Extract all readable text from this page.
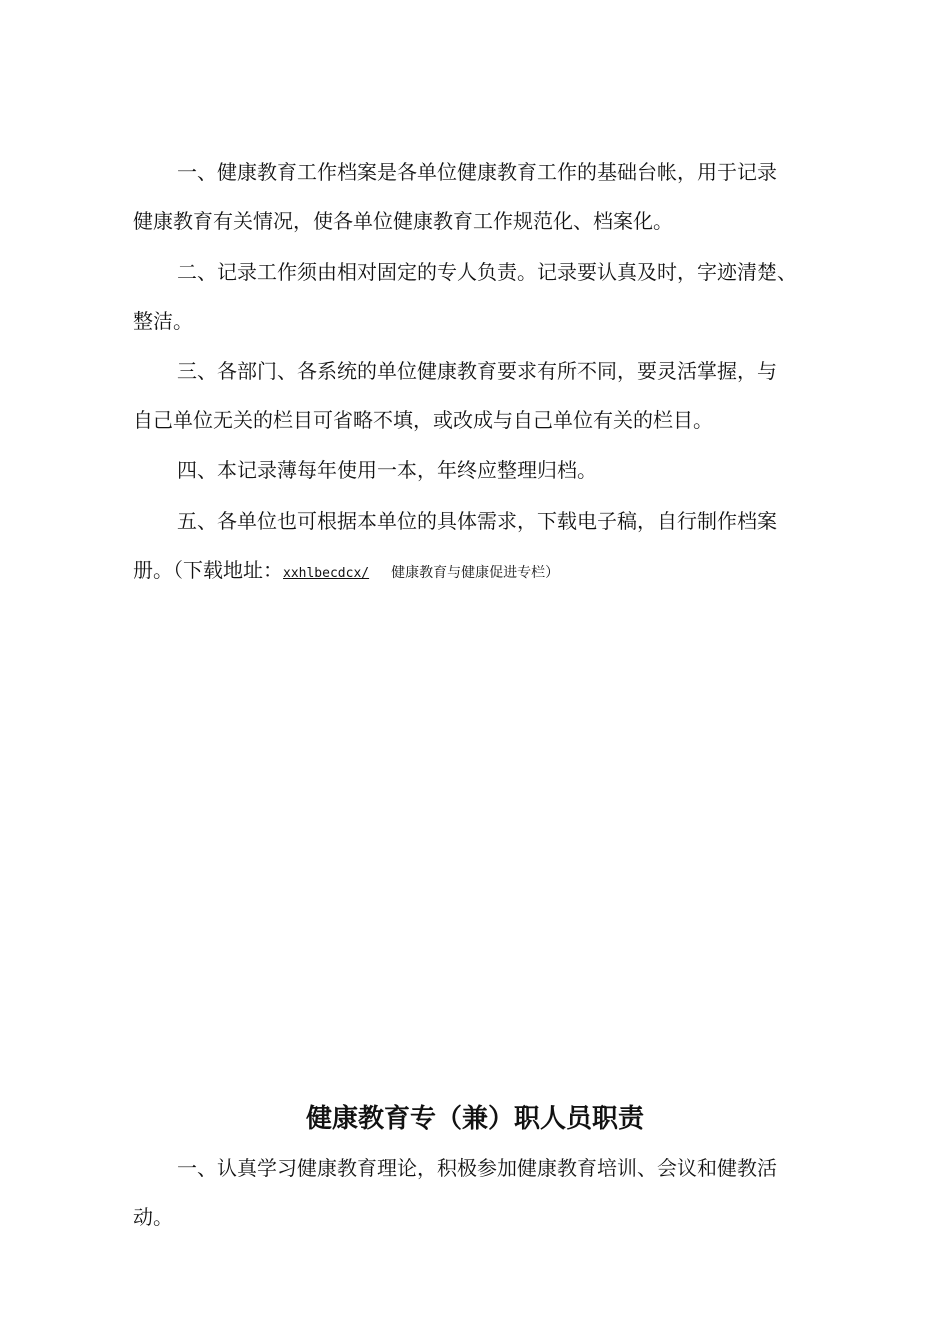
一、健康教育工作档案是各单位健康教育工作的基础台帐，用于记录
健康教育有关情况，使各单位健康教育工作规范化、档案化。
二、记录工作须由相对固定的专人负责。记录要认真及时，字迹清楚、
整洁。
三、各部门、各系统的单位健康教育要求有所不同，要灵活掌握，与
自己单位无关的栏目可省略不填，或改成与自己单位有关的栏目。
四、本记录薄每年使用一本，年终应整理归档。
五、各单位也可根据本单位的具体需求，下载电子稿，自行制作档案
册。（下载地址：xxhlbecdcx/ 健康教育与健康促进专栏）
健康教育专（兼）职人员职责
一、认真学习健康教育理论，积极参加健康教育培训、会议和健教活
动。
